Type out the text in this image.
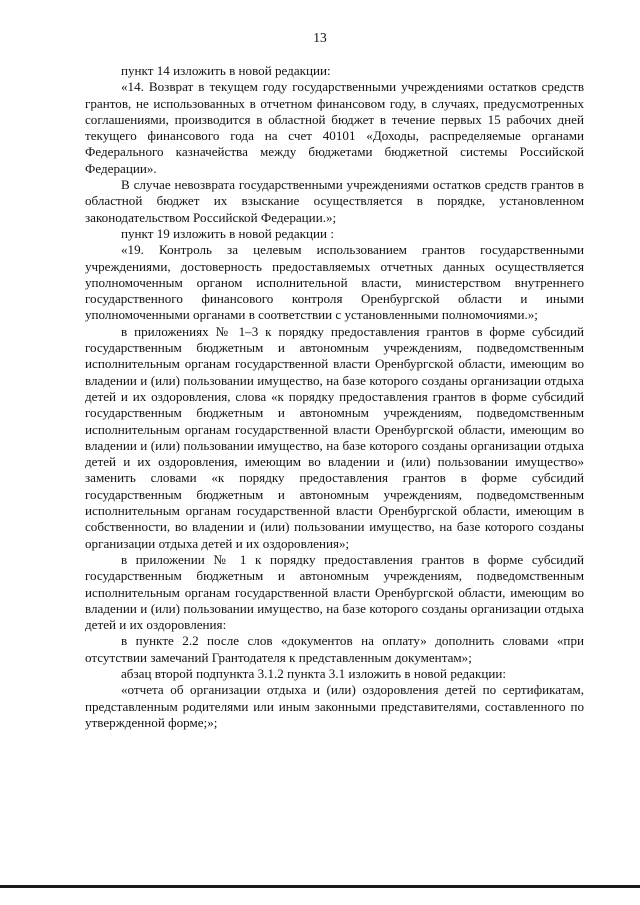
13

пункт 14 изложить в новой редакции:

«14. Возврат в текущем году государственными учреждениями остатков средств грантов, не использованных в отчетном финансовом году, в случаях, предусмотренных соглашениями, производится в областной бюджет в течение первых 15 рабочих дней текущего финансового года на счет 40101 «Доходы, распределяемые органами Федерального казначейства между бюджетами бюджетной системы Российской Федерации».

В случае невозврата государственными учреждениями остатков средств грантов в областной бюджет их взыскание осуществляется в порядке, установленном законодательством Российской Федерации.»;

пункт 19 изложить в новой редакции :

«19. Контроль за целевым использованием грантов государственными учреждениями, достоверность предоставляемых отчетных данных осуществляется уполномоченным органом исполнительной власти, министерством внутреннего государственного финансового контроля Оренбургской области и иными уполномоченными органами в соответствии с установленными полномочиями.»;

в приложениях № 1–3 к порядку предоставления грантов в форме субсидий государственным бюджетным и автономным учреждениям, подведомственным исполнительным органам государственной власти Оренбургской области, имеющим во владении и (или) пользовании имущество, на базе которого созданы организации отдыха детей и их оздоровления, слова «к порядку предоставления грантов в форме субсидий государственным бюджетным и автономным учреждениям, подведомственным исполнительным органам государственной власти Оренбургской области, имеющим во владении и (или) пользовании имущество, на базе которого созданы организации отдыха детей и их оздоровления, имеющим во владении и (или) пользовании имущество» заменить словами «к порядку предоставления грантов в форме субсидий государственным бюджетным и автономным учреждениям, подведомственным исполнительным органам государственной власти Оренбургской области, имеющим в собственности, во владении и (или) пользовании имущество, на базе которого созданы организации отдыха детей и их оздоровления»;

в приложении № 1 к порядку предоставления грантов в форме субсидий государственным бюджетным и автономным учреждениям, подведомственным исполнительным органам государственной власти Оренбургской области, имеющим во владении и (или) пользовании имущество, на базе которого созданы организации отдыха детей и их оздоровления:

в пункте 2.2 после слов «документов на оплату» дополнить словами «при отсутствии замечаний Грантодателя к представленным документам»;

абзац второй подпункта 3.1.2 пункта 3.1 изложить в новой редакции:

«отчета об организации отдыха и (или) оздоровления детей по сертификатам, представленным родителями или иным законными представителями, составленного по утвержденной форме;»;
